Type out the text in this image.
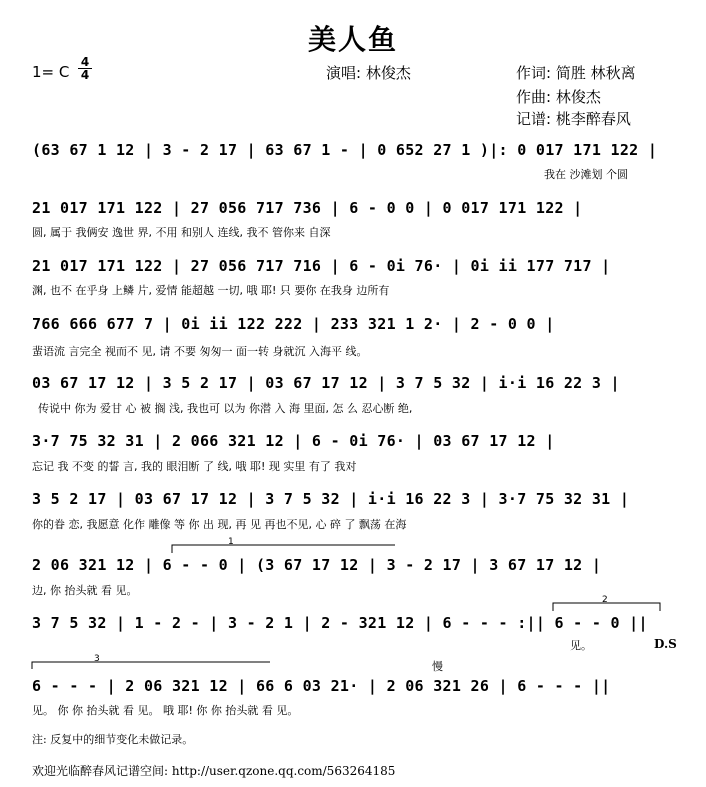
美人鱼
1= C
4
4	演唱: 林俊杰	作词: 简胜 林秋离
作曲: 林俊杰
记谱: 桃李醉春风
(63 67 1 12 | 3 - 2 17 | 63 67 1 - | 0 652 27 1 )|: 0 017 171 122 |
我在 沙滩划 个圆
21 017 171 122 | 27 056 717 736 | 6 - 0 0 | 0 017 171 122 |
圆, 属于 我俩安 逸世 界, 不用 和别人 连线, 我不 管你来 自深
21 017 171 122 | 27 056 717 716 | 6 - 0i 76· | 0i ii 177 717 |
渊, 也不 在乎身 上鳞 片, 爱情 能超越 一切, 哦 耶! 只 要你 在我身 边所有
766 666 677 7 | 0i ii 122 222 | 233 321 1 2· | 2 - 0 0 |
蜚语流 言完全 视而不 见, 请 不要 匆匆一 面一转 身就沉 入海平 线。
03 67 17 12 | 3 5 2 17 | 03 67 17 12 | 3 7 5 32 | i·i 16 22 3 |
传说中 你为 爱甘 心 被 搁 浅, 我也可 以为 你潜 入 海 里面, 怎 么 忍心断 绝,
3·7 75 32 31 | 2 066 321 12 | 6 - 0i 76· | 03 67 17 12 |
忘记 我 不变 的誓 言, 我的 眼泪断 了 线, 哦 耶! 现 实里 有了 我对
3 5 2 17 | 03 67 17 12 | 3 7 5 32 | i·i 16 22 3 | 3·7 75 32 31 |
你的眷 恋, 我愿意 化作 雕像 等 你 出 现, 再 见 再也不见, 心 碎 了 飘荡 在海
2 06 321 12 | 6 - - 0 | (3 67 17 12 | 3 - 2 17 | 3 67 17 12 |
边, 你 抬头就 看 见。
3 7 5 32 | 1 - 2 - | 3 - 2 1 | 2 - 321 12 | 6 - - - :|| 6 - - 0 ||
见。	D.S
6 - - - | 2 06 321 12 | 66 6 03 21· | 2 06 321 26 | 6 - - - ||
见。 你 你 抬头就 看 见。 哦 耶! 你 你 抬头就 看 见。
慢
1
2
3
注: 反复中的细节变化未做记录。
欢迎光临醉春风记谱空间: http://user.qzone.qq.com/563264185
